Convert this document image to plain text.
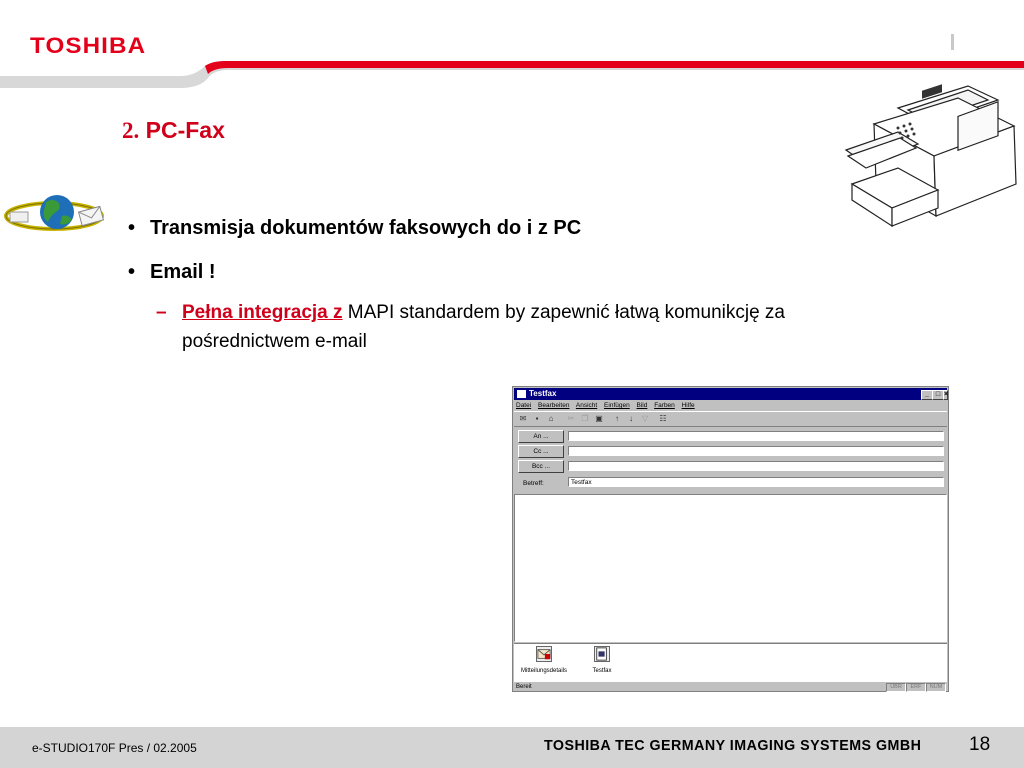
TOSHIBA
2. PC-Fax
• Transmisja dokumentów faksowych do i z PC
• Email !
– Pełna integracja z MAPI standardem by zapewnić łatwą komunikcję za
pośrednictwem e-mail
Testfax	_ □ ×
Datei Bearbeiten Ansicht Einfügen Bild Farben Hilfe
✉	▪	⌂	✂ ❐ ▣	↑	↓	▽ ☷
An ...
Cc ...
Bcc ...
Betreff:	Testfax
Mitteilungsdetails	Testfax
Bereit	ÜBR	ERF	NUM
e-STUDIO170F Pres / 02.2005	TOSHIBA TEC GERMANY IMAGING SYSTEMS GMBH	18
